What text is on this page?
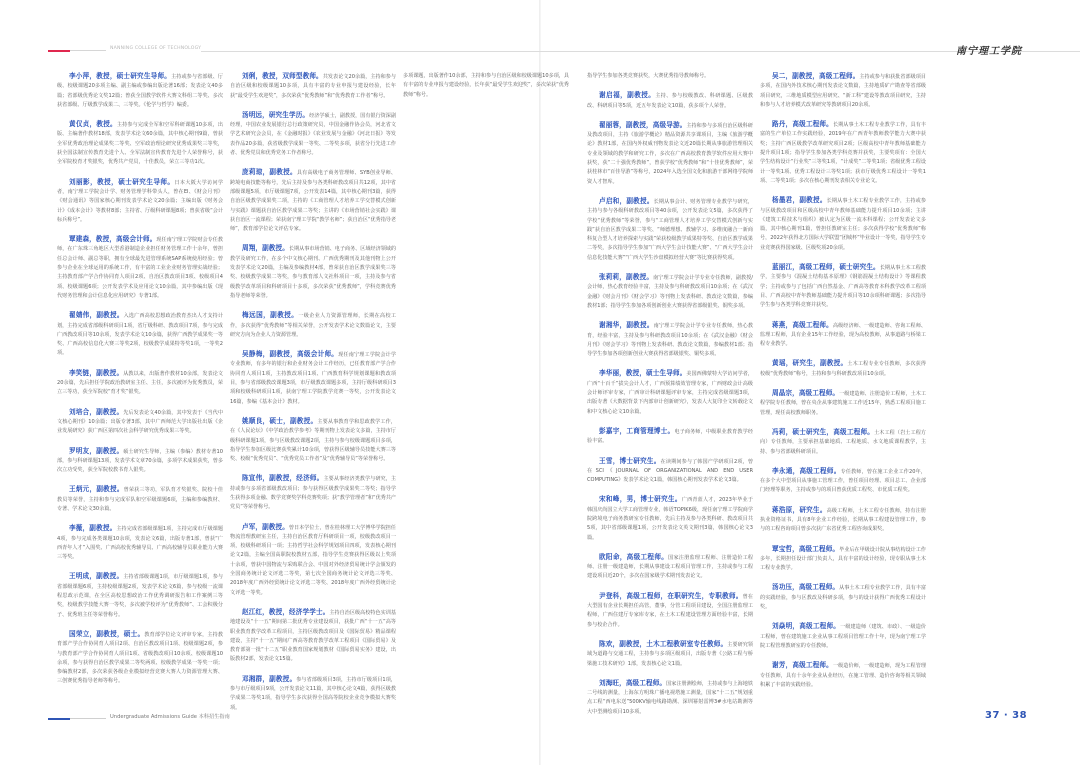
NANNING COLLEGE OF TECHNOLOGY	南宁理工学院

李小萍，教授，硕士研究生导师。主持或参与省部级、厅级、校级课题20多项主编、副主编或参编出版论著16部；发表论文40多篇；省部级优秀论文奖12篇；曾获全国教学软件大赛文科组二等奖、多次获省部级、厅级教学成果二、三等奖。《伦学与哲学》编委。

黄仅贞，教授。主持参与完成全军和空军科研课题10多项，出版、主编著作教材18部，发表学术论文60余篇，其中核心期刊9篇，曾获全军优秀政治理论成果奖二等奖、空军政治理论研究优秀成果奖三等奖，获全国法制宣传教育先进个人、全军法制宣传教育先进个人荣誉称号，获全军院校育才奖银奖，优秀共产党员，十佳教员，荣立三等功1次。

刘丽影，教授，硕士研究生导师。日本大阪大学访问学者，南宁理工学院会计学、财务管理学科带头人，曾在EI、《财会月刊》《财会通讯》等国家核心期刊发表学术论文20余篇；主编出版《财务会计》《成本会计》等教材8部；主持省、厅级科研课题8项；曾获省级“会计标兵称号”。

覃建森，教授，高级会计师。现任南宁理工学院财会专任教师，在广东珠三角地区大型香港制造企业担任财务管理工作十余年，曾担任总会计师、副总等职，拥有全球最先进管理系统SAP系统使用经验；曾参与企业在全球运用的系统工作，有丰富的工业企业财务管理实战经验；主持教育部产学合作协同育人项目2项、自治区教改项目3项、校级项目4项、校级课题6项；公开发表学术及应用论文10余篇，其中参编出版《现代财务管理和会计信息化应用研究》专著1部。

翟婧伟，副教授。入选广西高校思想政治教育杰出人才支持计划，主持完成省部级科研项目1项，省厅级科研、教改项目7项，参与完成广西教改项目等10余项，发表学术论文10余篇，获得广西教学成果奖一等奖、广西高校信息化大赛三等奖2项，校级教学成果特等奖1项，一等奖2项。

李笑链，副教授。从教以来，出版著作教材10余部，发表论文20余篇，先后担任学院政治教研室主任、主任，多次被评为优秀教员，荣立三等功，获全军院校“育才奖”银奖。

刘培合，副教授。先后发表论文40余篇，其中发表于《当代中文核心期刊》10余篇；出版专著3部，其中广西师范大学出版社出版《企业发展研究》获广西区第四次社会科学研究优秀成果三等奖。

罗明友，副教授。硕士研究生导师，主编（参编）教材专著10部，参与科研课题13项，发表学术文章70余篇，多项学术成果获奖，曾多次立功受奖，获全军院校教书育人银奖。

王炳元，副教授。曾荣获三等功，军队育才奖银奖、院校十佳教员等荣誉，主持和参与完成军队和空军级课题6项，主编和参编教材、专著、学术论文30余篇。

李薇，副教授。主持完成省部级课题1项，主持完成市厅级课题4项，参与完成各类课题10余项，发表论文6篇，出版专著1部，曾获“广西青年人才”入围奖、广西高校优秀辅导员、广西高校辅导员职业能力大赛三等奖。

王明成，副教授。主持省部级课题1项，市厅级课题1项，参与省部级课题6项，主持校级课题2项，发表学术论文6篇，参与校级一流课程思政示范课，在全区高校思想政治工作优秀调研报告和工作案例三等奖，校级教学技能大赛一等奖，多次被学校评为“优秀教师”、工会积极分子、优秀班主任等荣誉称号。

国荣立，副教授，硕士。教育部学位论文评审专家，主持教育部产学合作协同育人项目2项、自治区教改项目1项、校级课题2项，参与教育部产学合作协同育人项目1项、省级教改项目10余项、校级课题10余项，参与获得自治区教学成果二等奖两项、校级教学成果一等奖一项；参编教材2部，多次荣获各级企业模拟经营竞赛大赛人力资源管理大赛、三创赛优秀指导老师等称号。

刘俐，教授，双师型教师。共发表论文20余篇，主持和参与自治区级和校级课题10多项，具有丰富的专业申报与建设经验，长年获“最受学生欢迎奖”，多次荣获“优秀教师”和“优秀教育工作者”称号。

汤明远，研究生学历。经济学硕士，副教授，国有银行资深副经理，中国农业发展银行总行政策研究员，中国金融作协会员，河北省文学艺术研究会会员，在《金融时报》《农业发展与金融》《河北日报》等发表作品20多篇，获省级教学成果一等奖、二等奖多项，获省分行先进工作者、优秀党员和优秀党务工作者称号。

庞莉琼，副教授。具有高级电子商务管理师、SYB创业导师、跨境电商技能等称号，先后主持及参与各类科研教改项目共12项，其中省部级课题5项，市厅级课题7项，公开发表14篇，其中核心期刊3篇，获得自治区级教学成果奖二项，主持的《工商管理人才培养工学交替模式创新与实践》课题获自治区教学成果二等奖；主讲的《市场营销社会实践》课获自治区一流课程；荣获南宁理工学院“教学名师”；获自治区“优秀指导老师”，教育部学位论文评估专家。

周翔，副教授。长期从事市场营销、电子商务、区域经济领域的教学及研究工作，在多个中文核心期刊、广西优秀期刊及其他刊物上公开发表学术论文20篇，主编及参编教材4部，曾荣获自治区教学成果奖三等奖、校级教学成果二等奖，参与教育部人文社科项目一项，主持及参与省级教学改革项目和科研项目十多项，多次荣获“优秀教师”，学科竞赛优秀指导老师等荣誉。

梅远国，副教授。一级企业人力资源管理师，长期在高校工作，多次获得“优秀教师”等相关荣誉，公开发表学术论文数篇论文，主要研究方向为企业人力资源管理。

吴静梅，副教授，高级会计师。现任南宁理工学院会计学专业教师，有多年的银行和企业财务会计工作经历，已任教育部产学合作协同育人项目1项，主持教改项目1项、广西教育科学规划课题和教改项目，参与省部级教改课题3项，市厅级教改课题多项，主持厅级科研项目3项和校级科研项目1项，获南宁理工学院教学竞赛一等奖，公开发表论文16篇，参编《基本会计》教材。

姚顺良，硕士，副教授。主要从事教育学和思政教学工作，在《人民论坛》《中学政治教学参考》等期刊物上发表论文多篇，主持市厅级科研课题1项，参与区级教改课题2项，主持与参与校级课题项目多项，指导学生参加区级比赛获奖累计10余项，曾获得区级辅导员技能大赛三等奖、校级“优秀党员”、“优秀党员工作者”及“优秀辅导员”等荣誉称号。

陈宣伟，副教授，经济师。主要从事经济类教学与研究，主持或参与多项省部级教改项目；参与获得区级教学成果奖二等奖；指导学生获得多项金融、数学竞赛奖学科竞赛奖项；获“教学管理者”和“优秀共产党员”等荣誉称号。

卢军，副教授。曾日本学位士，曾在桂林理工大学博华学院担任物流管理教研室主任，主持自治区教育厅科研项目一项，校级教改项目一项，校级科研项目一项；主持哲学社会科学规划项目四项，发表核心期刊论文2篇，主编全国高职院校教材五部，指导学生竞赛获得区级以上奖项十余项，曾获中国物流与采购联合会、中国对外经济贸易统计学会颁发的全国商务统计论文评选二等奖，第七次全国商务统计论文评选三等奖、2018年度广西外经贸统计论文评选二等奖、2018年度广西外经贸统计论文评选一等奖。

赵江红，教授，经济学学士。主持自治区级高校特色实训基地建设及“十一五”期间第二批优秀专业建设项目，获批广西“十一五”高等职业教育教学改革工程项目，主持区级教改项目及《国际贸易》精品课程建设，主持“十一五”期间广西高等教育教学改革工程项目《国际贸易》及教育部第一批“十二五”职业教育国家规划教材《国际贸易实务》建设，出版教材2部，发表论文15篇。

邓湘群，副教授。参与省部级项目3项，主持市厅级项目1项，参与市厅级项目9项，公开发表论文11篇，其中核心论文4篇，获得区级教学成果二等奖1项，指导学生多次获得全国高等院校企业竞争模拟大赛奖项。

多项课题，出版著作10余部，主持和参与自治区级和校级课题10多项，具有丰富的专业申报与建设经验，长年获“最受学生欢迎奖”，多次荣获“优秀教师”称号。

指导学生参加各类竞赛获奖，大赛优秀指导教师称号。

谢启福，副教授。主持、参与校级教改、科研课题、区级教改、科研项目等5项，近五年发表论文10篇，获多项个人荣誉。

翟丽蓉，副教授，高级导游。主持和参与多项自治区级科研及教改项目，主持《旅游学概论》精品资源共享课项目，主编《旅游学概论》教材1部，在国内外权威刊物发表论文近20篇长期从事旅游管理相关专业及领域的教学和研究工作，多次在广西高校教育教学软件应用大赛中获奖，获“二十强优秀教师”，曾获学校“优秀教师”和“十佳优秀教师”，荣获桂林市“百佳导游”等称号，2024年入选全国文化和旅游干部网络学院师资人才智库。

卢启和，副教授。长期从事会计、财务管理专业教学与研究，主持与参与各级科研教改项目等40余项，公开发表论文5篇，多次获得了学校“优秀教师”等荣誉，参与“工商管理人才培养工学交替模式创新与实践”获自治区教学成果二等奖、“师德理想、教辅学习、多维度融合一新商科复合型人才培养探索与实践”荣获校级教学成果特等奖、自治区教学成果二等奖，多次指导学生参加“广西大学生会计技能大赛”、“广西大学生会计信息化技能大赛”“广西大学生沙盘模拟经营大赛”等比赛获得奖项。

张莉莉，副教授。南宁理工学院会计学专业专任教师，副教授/会计师，热心教育经验丰富，主持及参与科研教改项目10余项；在《武汉金融》《财会月刊》《财会学习》等刊物上发表科研、教改论文数篇，参编教材1部；指导学生参加各项创新创业大赛获得省部级银奖、铜奖多项。

谢湘华，副教授。南宁理工学院会计学专业专任教师，热心教育，经验丰富，主持及参与科研教改项目10余项；在《武汉金融》《财会月刊》《财会学习》等刊物上发表科研、教改论文数篇，参编教材1部；指导学生参加各项创新创业大赛获得省部级银奖、铜奖多项。

李华丽，教授，硕士生导师。美国西佛蒙特大学访问学者，广西“十百千”拔尖会计人才，广西预算绩效管理专家，广西财政会计高级会计师评审专家，广西审计科研课题评审专家，主持完成省级课题3项，出版专著《大数据背景下内部审计创新研究》，发表人大复印全文转载论文和中文核心论文10余篇。

彭嘉宇，工商管理博士。电子商务师，中级职业教育教学经验丰富。

王雪，博士研究生。在读期间参与了韩国产学研项目2项，曾在SCI《JOURNAL OF ORGANIZATIONAL AND END USER COMPUTING》发表学术论文1篇，韩国核心期刊发表学术论文3篇。

宋和峰，男，博士研究生。广西青蓝人才，2023年毕业于韩国庆尚国立大学工商管理专业，韩语TOPIK6级，现任南宁理工学院商学院跨境电子商务教研室专任教师，先后主持及参与各类科研、教改项目共5项，其中省部级课题1项，公开发表论文英文期刊3篇，韩国核心论文3篇。

欧阳命，高级工程师。国家注册监理工程师、注册造价工程师、注册一级建造师，长期从事建设工程项目管理工作，主持或参与工程建设项目近20个，多次在国家级学术期刊发表论文。

尹登科，高级工程师，在职研究生，专职教师。曾在大型国有企业长期担任高管，董事，分管工程项目建设，全国注册监理工程师，广西住建厅专家库专家，在土木工程建设管理方面经验丰富，长期参与校企合作。

陈欢，副教授，土木工程教研室专任教师。主要研究领域为道路与交通工程，主持参与多项区级项目，出版专著《公路工程与桥梁施工技术研究》1部，发表核心论文1篇。

刘海旺，高级工程师。国家注册测绘师，主持或参与上海地铁二号线的测量，上海东方明珠广播电视塔施工测量，国家“十二五”规划重点工程“西电东送”500KV输电线路勘测、深圳幂射雷博3#水电站勘测等大中型测绘项目10多项。

吴二，副教授，高级工程师。主持或参与和获批省部级项目多项，在国内外技术核心期刊发表论文数篇，主持地质矿产勘查等省部级项目研究，三维地质模型应用研究、“新工科”建设等教改项目研究，主持和参与人才培养模式改革研究等教研项目20余项。

路丹，高级工程师。长期从事土木工程专业教学工作，具有丰富的生产单位工作实践经验，2019年在广西青年教师教学能力大赛中获奖；主持广西区级教学改革研究项目2项；区级高校中青年教师基础能力提升项目1项；指导学生参加各类学科竞赛并获奖，主要奖项有：全国大学生结构设计“行业奖”三等奖1项，“计成奖”二等奖1项；省级优秀工程设计一等奖1项、优秀工程设计三等奖1项；获市厅级优秀工程设计一等奖1项、二等奖1项；多次在核心期刊发表相关专业论文。

杨墨君，副教授。长期从事土木工程专业教学工作，主持或参与区级教改项目和区级高校中青年教师基础能力提升项目10余项；主讲《建筑工程技术与组织》被认定为区级一流本科课程；公开发表论文多篇，其中核心期刊1篇，曾担任教研室主任；多次获得学校“优秀教师”称号，2022年获得北方国际大学联盟“团城杯”毕业设计一等奖，指导学生专业竞赛获得国家级、区级奖项20余项。

蓝丽江，高级工程师，硕士研究生。长期从事土木工程教学，主要参与《混凝土结构基本原理》《钢筋混凝土结构设计》等课程教学；主持或参与了包括广西自然基金、广西高等教育本科教学改革工程项目、广西高校中青年教师基础能力提升项目等10余项科研课题；多次指导学生参与各类学科竞赛并获奖。

蒋燕，高级工程师。高级经济师、一级建造师、咨询工程师、监理工程师，具有企业15年工作经验，现为高校教师，从事道路与桥梁工程专业教学。

黄瑶，研究生，副教授。土木工程专业专任教师，多次获得校级“优秀教师”称号，主持和参与科研教改项目10余项。

周晶宗，高级工程师。一级建造师、注册造价工程师，土木工程学院专任教师，曾在央企从事建筑施工工作近15年，熟悉工程项目施工管理，现任高校教师职务。

冯莉，硕士研究生，高级工程师。土木工程（岩土工程方向）专任教师，主要承担基础地质、工程地质、水文地质课程教学，主持、参与省部级科研项目。

李永通，高级工程师。专任教师，曾在施工企业工作20年，在多个大中型项目从事施工管理工作，曾任项目经理、项目总工、企业部门经理等职务，主持或参与的项目曾获优质工程奖、市优质工程奖。

蒋浩原，研究生。高级工程师，土木工程专任教师，持有注册执业资格证书，具有8年企业工作经验，长期从事工程建设管理工作，参与的工程咨询项目曾多次获广东省优秀工程咨询成果奖。

覃宝哲，高级工程师。毕业后在甲级设计院从事结构设计工作多年，长期担任设计部门负责人，具有丰富的设计经验，现专职从事土木工程专业教学。

汤功压，高级工程师。从事土木工程专业教学工作，具有丰富的实践经验，参与区教改及科研多项，参与的设计获得广西优秀工程设计奖。

刘焱明，高级工程师。一级建造师（建筑、市政）、一级造价工程师，曾在建筑施工企业从事工程项目管理工作十年，现为南宁理工学院工程管理教研室的专任教师。

谢芳，高级工程师。一级造价师，一级建造师，现为工程管理专任教师，具有十余年企业从业经历，在施工管理、造价咨询等相关领域积累了丰富的实践经验。

Undergraduate Admissions Guide 本科招生指南	37 · 38
